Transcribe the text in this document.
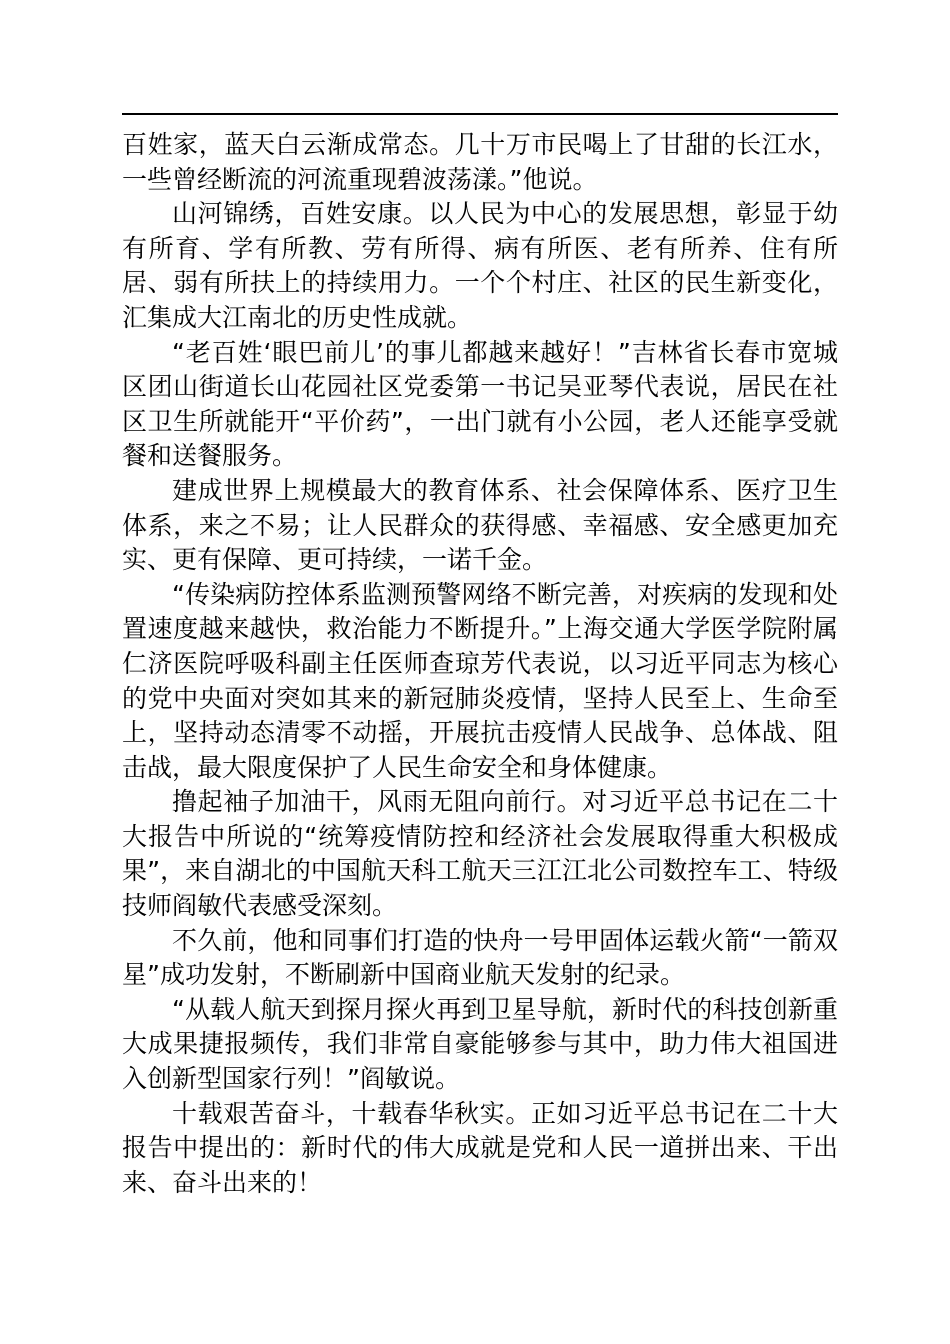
百姓家，蓝天白云渐成常态。几十万市民喝上了甘甜的长江水，一些曾经断流的河流重现碧波荡漾。”他说。

山河锦绣，百姓安康。以人民为中心的发展思想，彰显于幼有所育、学有所教、劳有所得、病有所医、老有所养、住有所居、弱有所扶上的持续用力。一个个村庄、社区的民生新变化，汇集成大江南北的历史性成就。

“老百姓‘眼巴前儿’的事儿都越来越好！”吉林省长春市宽城区团山街道长山花园社区党委第一书记吴亚琴代表说，居民在社区卫生所就能开“平价药”，一出门就有小公园，老人还能享受就餐和送餐服务。

建成世界上规模最大的教育体系、社会保障体系、医疗卫生体系，来之不易；让人民群众的获得感、幸福感、安全感更加充实、更有保障、更可持续，一诺千金。

“传染病防控体系监测预警网络不断完善，对疾病的发现和处置速度越来越快，救治能力不断提升。”上海交通大学医学院附属仁济医院呼吸科副主任医师查琼芳代表说，以习近平同志为核心的党中央面对突如其来的新冠肺炎疫情，坚持人民至上、生命至上，坚持动态清零不动摇，开展抗击疫情人民战争、总体战、阻击战，最大限度保护了人民生命安全和身体健康。

撸起袖子加油干，风雨无阻向前行。对习近平总书记在二十大报告中所说的“统筹疫情防控和经济社会发展取得重大积极成果”，来自湖北的中国航天科工航天三江江北公司数控车工、特级技师阎敏代表感受深刻。

不久前，他和同事们打造的快舟一号甲固体运载火箭“一箭双星”成功发射，不断刷新中国商业航天发射的纪录。

“从载人航天到探月探火再到卫星导航，新时代的科技创新重大成果捷报频传，我们非常自豪能够参与其中，助力伟大祖国进入创新型国家行列！”阎敏说。

十载艰苦奋斗，十载春华秋实。正如习近平总书记在二十大报告中提出的：新时代的伟大成就是党和人民一道拼出来、干出来、奋斗出来的！
